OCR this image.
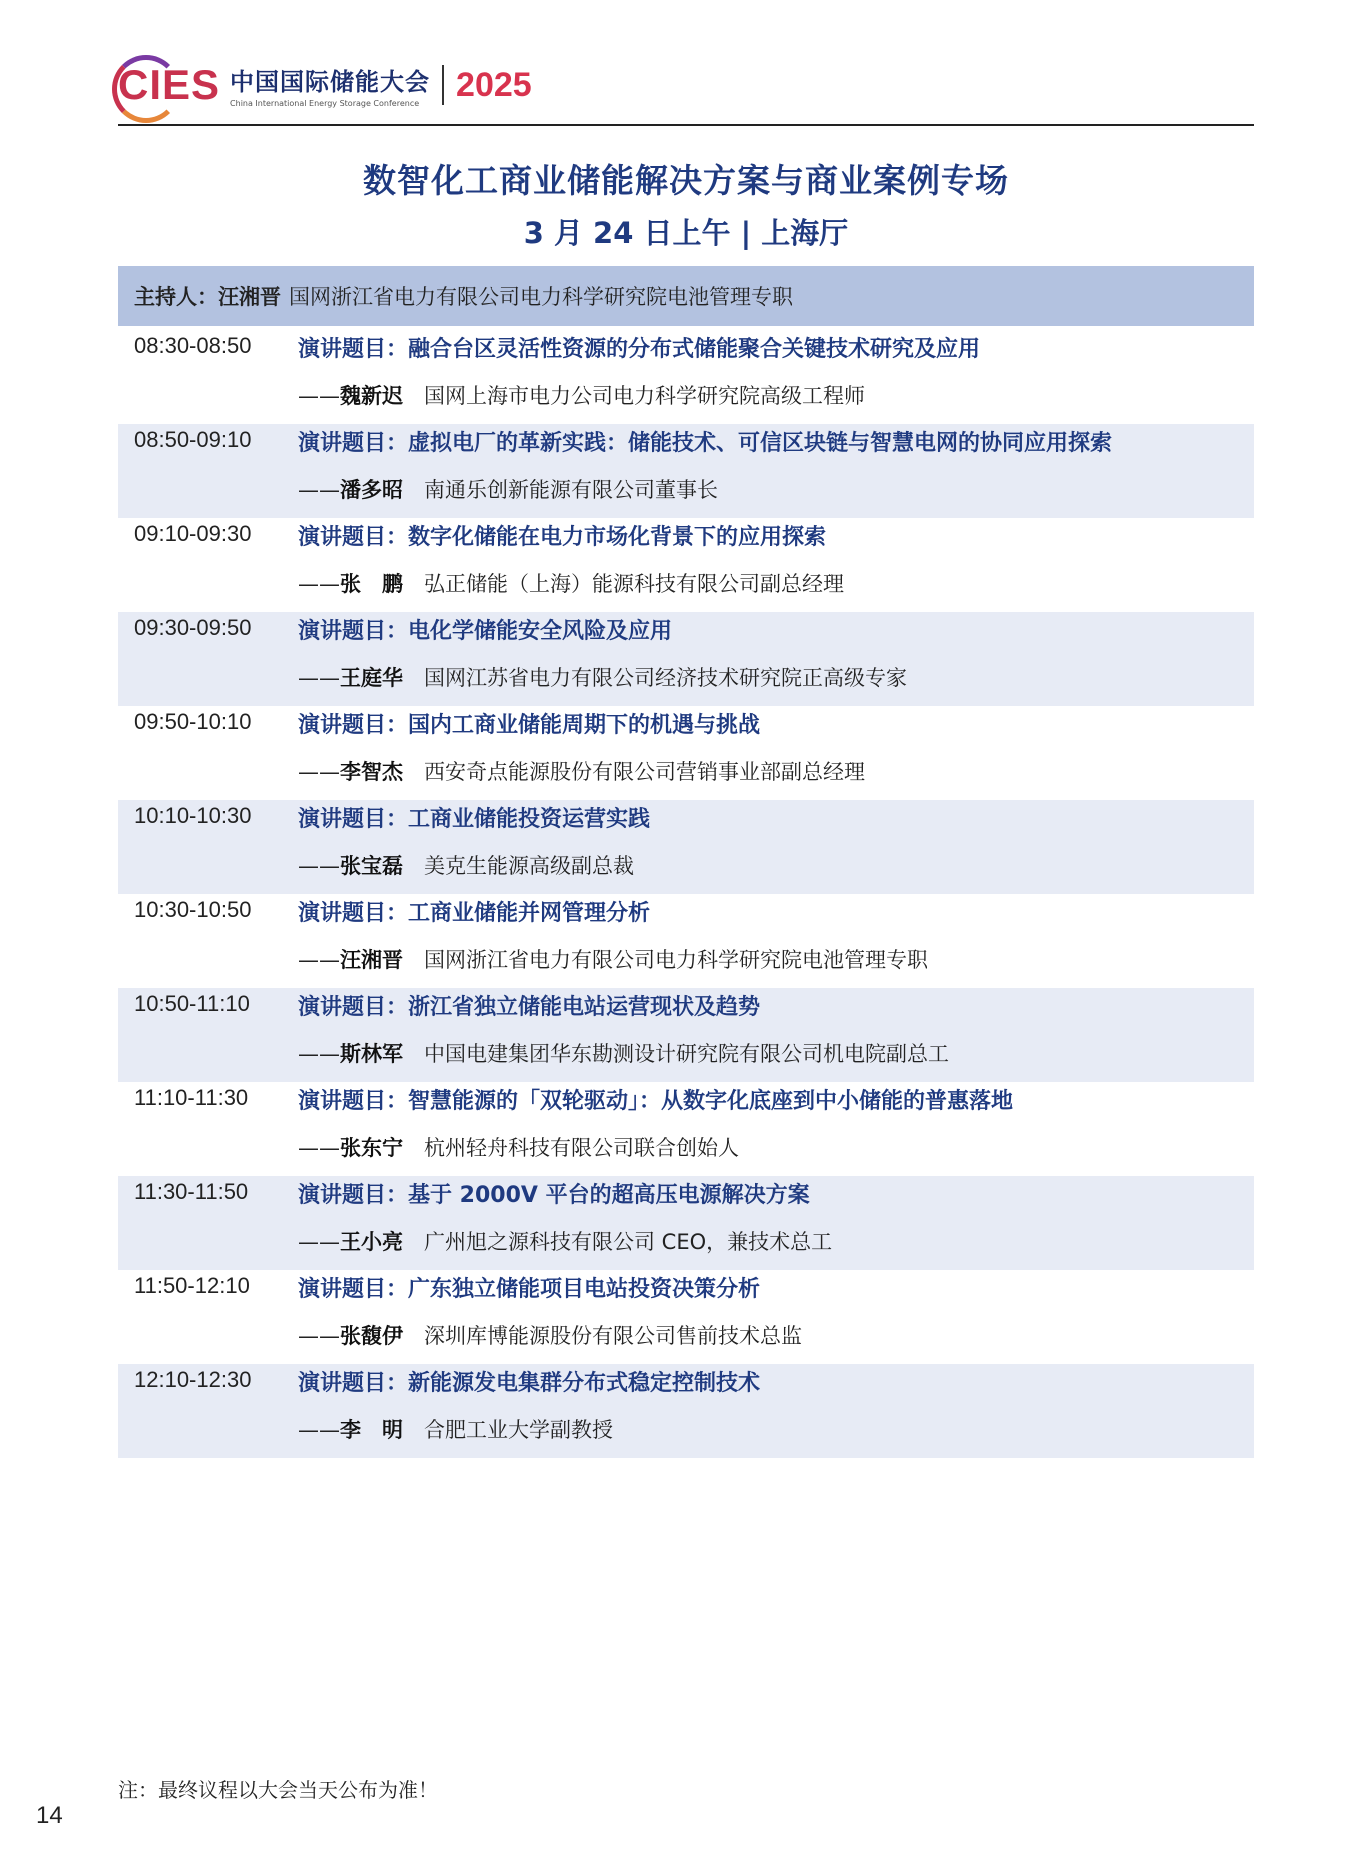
CIES 中国国际储能大会
China International Energy Storage Conference	2025
数智化工商业储能解决方案与商业案例专场
3 月 24 日上午 | 上海厅
主持人： 汪湘晋 国网浙江省电力有限公司电力科学研究院电池管理专职
08:30-08:50 演讲题目：融合台区灵活性资源的分布式储能聚合关键技术研究及应用
——魏新迟 国网上海市电力公司电力科学研究院高级工程师
08:50-09:10 演讲题目：虚拟电厂的革新实践：储能技术、可信区块链与智慧电网的协同应用探索
——潘多昭 南通乐创新能源有限公司董事长
09:10-09:30 演讲题目：数字化储能在电力市场化背景下的应用探索
——张　鹏 弘正储能（上海）能源科技有限公司副总经理
09:30-09:50 演讲题目：电化学储能安全风险及应用
——王庭华 国网江苏省电力有限公司经济技术研究院正高级专家
09:50-10:10 演讲题目：国内工商业储能周期下的机遇与挑战
——李智杰 西安奇点能源股份有限公司营销事业部副总经理
10:10-10:30 演讲题目：工商业储能投资运营实践
——张宝磊 美克生能源高级副总裁
10:30-10:50 演讲题目：工商业储能并网管理分析
——汪湘晋 国网浙江省电力有限公司电力科学研究院电池管理专职
10:50-11:10 演讲题目：浙江省独立储能电站运营现状及趋势
——斯林军 中国电建集团华东勘测设计研究院有限公司机电院副总工
11:10-11:30 演讲题目：智慧能源的「双轮驱动」：从数字化底座到中小储能的普惠落地
——张东宁 杭州轻舟科技有限公司联合创始人
11:30-11:50 演讲题目：基于 2000V 平台的超高压电源解决方案
——王小亮 广州旭之源科技有限公司 CEO，兼技术总工
11:50-12:10 演讲题目：广东独立储能项目电站投资决策分析
——张馥伊 深圳库博能源股份有限公司售前技术总监
12:10-12:30 演讲题目：新能源发电集群分布式稳定控制技术
——李　明 合肥工业大学副教授
注：最终议程以大会当天公布为准！
14
